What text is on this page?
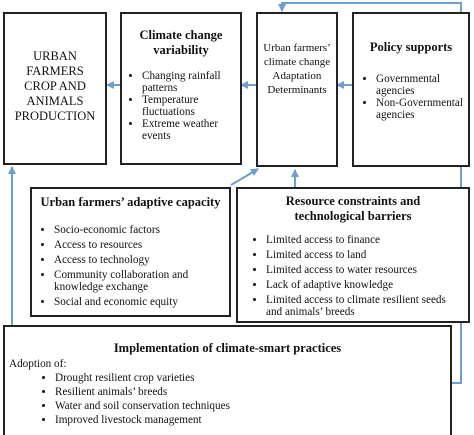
URBAN FARMERS CROP AND ANIMALS PRODUCTION
Climate change variability
• Changing rainfall patterns
• Temperature fluctuations
• Extreme weather events
Urban farmers’ climate change Adaptation Determinants
Policy supports
• Governmental agencies
• Non-Governmental agencies
Urban farmers’ adaptive capacity
• Socio-economic factors
• Access to resources
• Access to technology
• Community collaboration and knowledge exchange
• Social and economic equity
Resource constraints and technological barriers
• Limited access to finance
• Limited access to land
• Limited access to water resources
• Lack of adaptive knowledge
• Limited access to climate resilient seeds and animals’ breeds
Implementation of climate-smart practices
Adoption of:
• Drought resilient crop varieties
• Resilient animals’ breeds
• Water and soil conservation techniques
• Improved livestock management
